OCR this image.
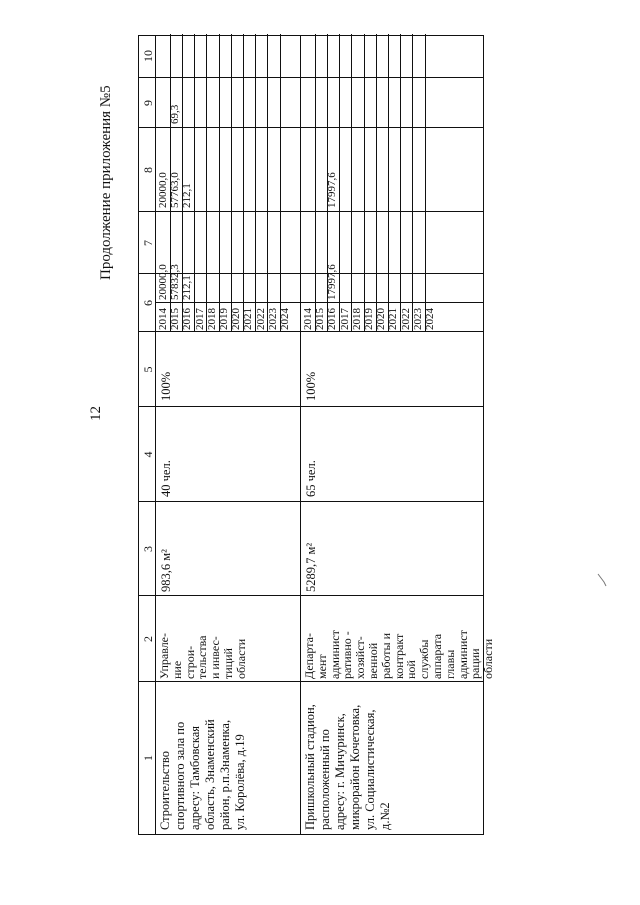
12
Продолжение приложения №5
1
2
3
4
5
6
7
8
9
10
Строительство спортивного зала по адресу: Тамбовская область, Знаменский район, р.п.Знаменка, ул. Королёва, д.19
Управле-
ние
строи-
тельства
и инвес-
тиций
области
983,6 м²
40 чел.
100%
2014 2015 2016 2017 2018 2019 2020 2021 2022 2023 2024
20000,0 57832,3 212,1
20000,0 57763,0 212,1
69,3
Пришкольный стадион, расположенный по адресу: г. Мичуринск, микрорайон Кочетовка, ул. Социалистическая, д.№2
Департа-
мент
админист
ративно -
хозяйст-
венной
работы и
контракт
ной
службы
аппарата
главы
админист
рации
области
5289,7 м²
65 чел.
100%
2014 2015 2016 2017 2018 2019 2020 2021 2022 2023 2024
17997,6
17997,6
